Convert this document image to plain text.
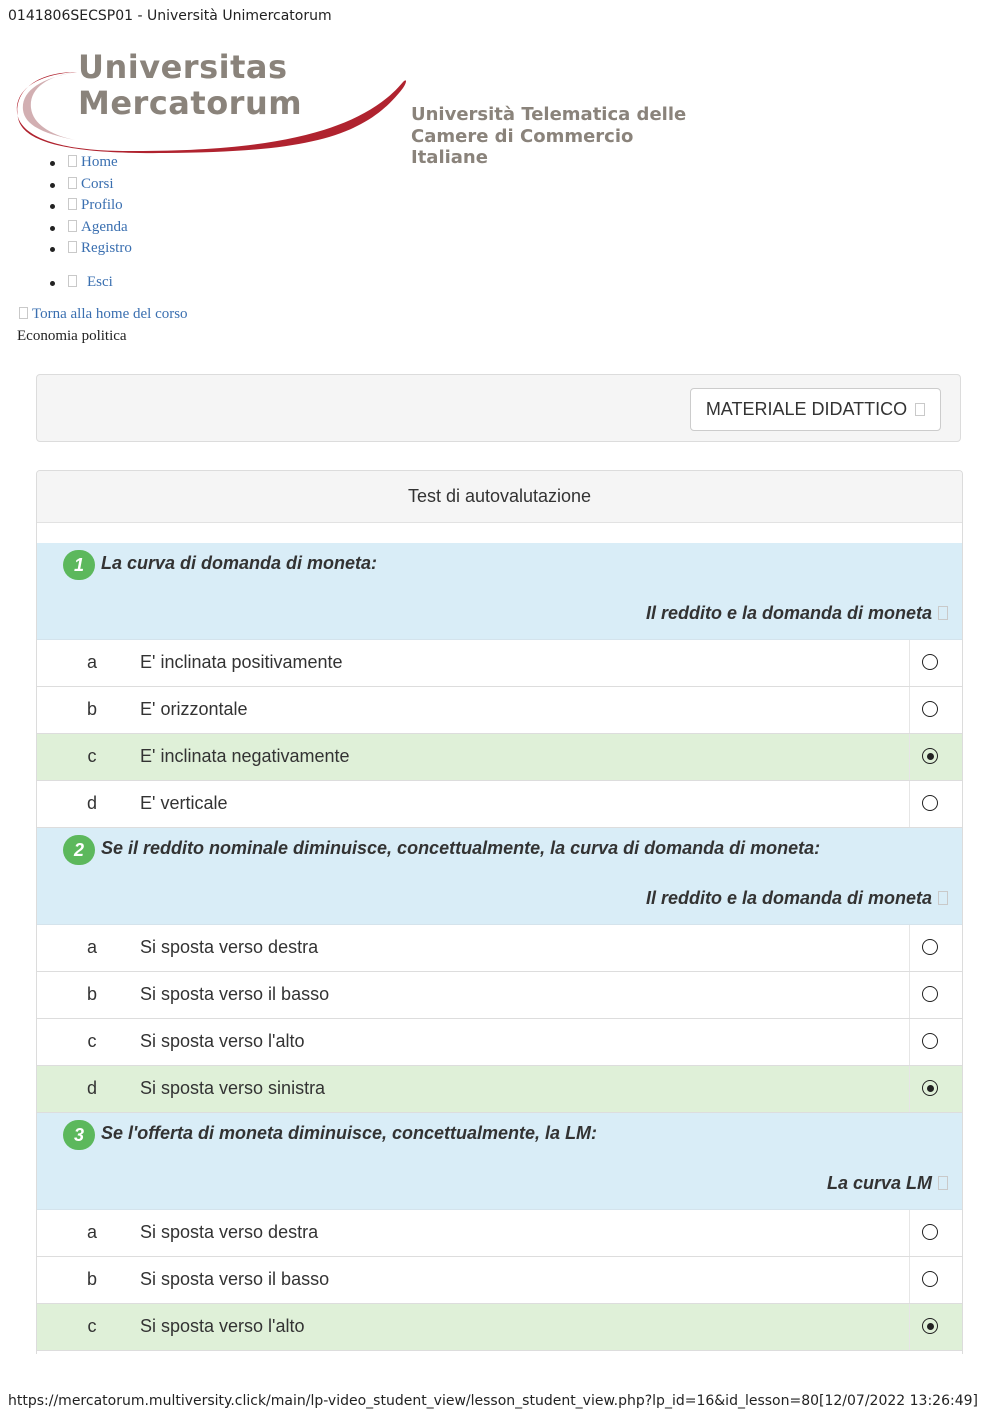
0141806SECSP01 - Università Unimercatorum
Universitas
Mercatorum	Università Telematica delle
Camere di Commercio Italiane
Home
Corsi
Profilo
Agenda
Registro
Esci
Torna alla home del corso
Economia politica
MATERIALE DIDATTICO
Test di autovalutazione
1 La curva di domanda di moneta:
Il reddito e la domanda di moneta
a E' inclinata positivamente
b E' orizzontale
c E' inclinata negativamente
d E' verticale
2 Se il reddito nominale diminuisce, concettualmente, la curva di domanda di moneta:
Il reddito e la domanda di moneta
a Si sposta verso destra
b Si sposta verso il basso
c Si sposta verso l'alto
d Si sposta verso sinistra
3 Se l'offerta di moneta diminuisce, concettualmente, la LM:
La curva LM
a Si sposta verso destra
b Si sposta verso il basso
c Si sposta verso l'alto
https://mercatorum.multiversity.click/main/lp-video_student_view/lesson_student_view.php?lp_id=16&id_lesson=80[12/07/2022 13:26:49]
